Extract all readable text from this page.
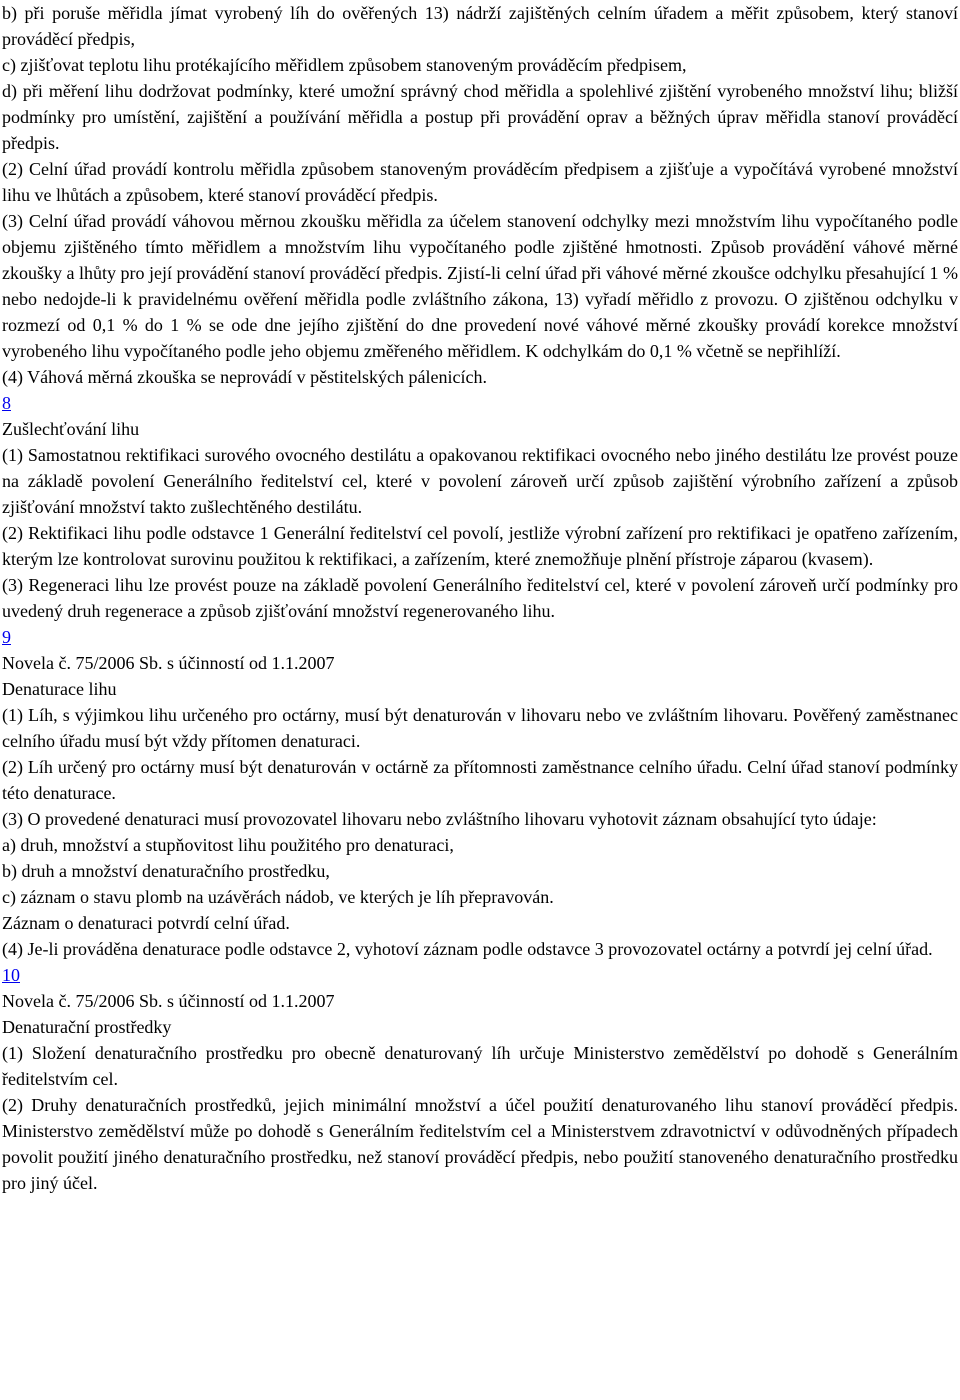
b) při poruše měřidla jímat vyrobený líh do ověřených 13) nádrží zajištěných celním úřadem a měřit způsobem, který stanoví prováděcí předpis,

c) zjišťovat teplotu lihu protékajícího měřidlem způsobem stanoveným prováděcím předpisem,

d) při měření lihu dodržovat podmínky, které umožní správný chod měřidla a spolehlivé zjištění vyrobeného množství lihu; bližší podmínky pro umístění, zajištění a používání měřidla a postup při provádění oprav a běžných úprav měřidla stanoví prováděcí předpis.

(2) Celní úřad provádí kontrolu měřidla způsobem stanoveným prováděcím předpisem a zjišťuje a vypočítává vyrobené množství lihu ve lhůtách a způsobem, které stanoví prováděcí předpis.

(3) Celní úřad provádí váhovou měrnou zkoušku měřidla za účelem stanovení odchylky mezi množstvím lihu vypočítaného podle objemu zjištěného tímto měřidlem a množstvím lihu vypočítaného podle zjištěné hmotnosti. Způsob provádění váhové měrné zkoušky a lhůty pro její provádění stanoví prováděcí předpis. Zjistí-li celní úřad při váhové měrné zkoušce odchylku přesahující 1 % nebo nedojde-li k pravidelnému ověření měřidla podle zvláštního zákona, 13) vyřadí měřidlo z provozu. O zjištěnou odchylku v rozmezí od 0,1 % do 1 % se ode dne jejího zjištění do dne provedení nové váhové měrné zkoušky provádí korekce množství vyrobeného lihu vypočítaného podle jeho objemu změřeného měřidlem. K odchylkám do 0,1 % včetně se nepřihlíží.

(4) Váhová měrná zkouška se neprovádí v pěstitelských pálenicích.

8

Zušlechťování lihu

(1) Samostatnou rektifikaci surového ovocného destilátu a opakovanou rektifikaci ovocného nebo jiného destilátu lze provést pouze na základě povolení Generálního ředitelství cel, které v povolení zároveň určí způsob zajištění výrobního zařízení a způsob zjišťování množství takto zušlechtěného destilátu.

(2) Rektifikaci lihu podle odstavce 1 Generální ředitelství cel povolí, jestliže výrobní zařízení pro rektifikaci je opatřeno zařízením, kterým lze kontrolovat surovinu použitou k rektifikaci, a zařízením, které znemožňuje plnění přístroje záparou (kvasem).

(3) Regeneraci lihu lze provést pouze na základě povolení Generálního ředitelství cel, které v povolení zároveň určí podmínky pro uvedený druh regenerace a způsob zjišťování množství regenerovaného lihu.

9

Novela č. 75/2006 Sb. s účinností od 1.1.2007

Denaturace lihu

(1) Líh, s výjimkou lihu určeného pro octárny, musí být denaturován v lihovaru nebo ve zvláštním lihovaru. Pověřený zaměstnanec celního úřadu musí být vždy přítomen denaturaci.

(2) Líh určený pro octárny musí být denaturován v octárně za přítomnosti zaměstnance celního úřadu. Celní úřad stanoví podmínky této denaturace.

(3) O provedené denaturaci musí provozovatel lihovaru nebo zvláštního lihovaru vyhotovit záznam obsahující tyto údaje:

a) druh, množství a stupňovitost lihu použitého pro denaturaci,

b) druh a množství denaturačního prostředku,

c) záznam o stavu plomb na uzávěrách nádob, ve kterých je líh přepravován.

Záznam o denaturaci potvrdí celní úřad.

(4) Je-li prováděna denaturace podle odstavce 2, vyhotoví záznam podle odstavce 3 provozovatel octárny a potvrdí jej celní úřad.

10

Novela č. 75/2006 Sb. s účinností od 1.1.2007

Denaturační prostředky

(1) Složení denaturačního prostředku pro obecně denaturovaný líh určuje Ministerstvo zemědělství po dohodě s Generálním ředitelstvím cel.

(2) Druhy denaturačních prostředků, jejich minimální množství a účel použití denaturovaného lihu stanoví prováděcí předpis. Ministerstvo zemědělství může po dohodě s Generálním ředitelstvím cel a Ministerstvem zdravotnictví v odůvodněných případech povolit použití jiného denaturačního prostředku, než stanoví prováděcí předpis, nebo použití stanoveného denaturačního prostředku pro jiný účel.
